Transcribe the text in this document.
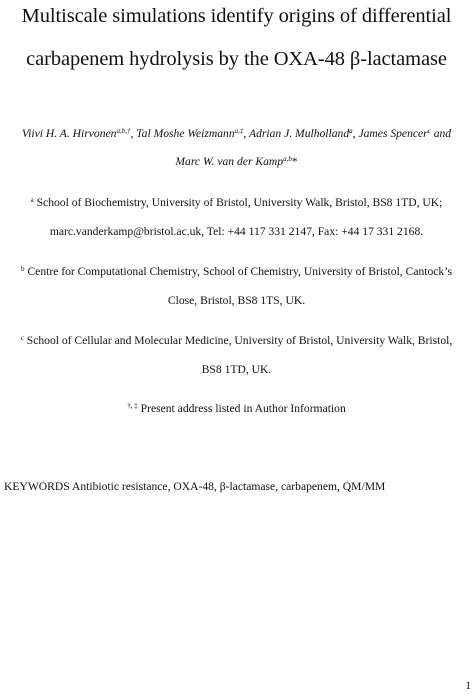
Multiscale simulations identify origins of differential
carbapenem hydrolysis by the OXA-48 β-lactamase
Viivi H. A. Hirvonen$^{a,b,\dagger}$, Tal Moshe Weizmann$^{a,\ddagger}$, Adrian J. Mulholland$^a$, James Spencer$^c$ and
Marc W. van der Kamp$^{a,b}$*
$^a$ School of Biochemistry, University of Bristol, University Walk, Bristol, BS8 1TD, UK;
marc.vanderkamp@bristol.ac.uk, Tel: +44 117 331 2147, Fax: +44 17 331 2168.
$^b$ Centre for Computational Chemistry, School of Chemistry, University of Bristol, Cantock’s
Close, Bristol, BS8 1TS, UK.
$^c$ School of Cellular and Molecular Medicine, University of Bristol, University Walk, Bristol,
BS8 1TD, UK.
†, ‡ Present address listed in Author Information
KEYWORDS Antibiotic resistance, OXA-48, β-lactamase, carbapenem, QM/MM
1
